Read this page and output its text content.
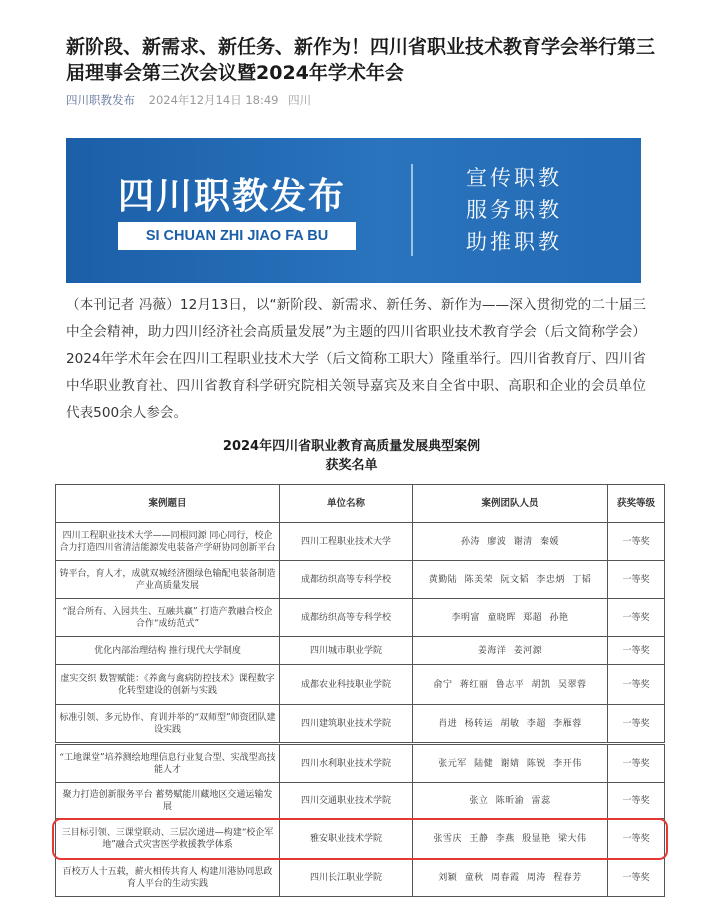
新阶段、新需求、新任务、新作为！四川省职业技术教育学会举行第三届理事会第三次会议暨2024年学术年会
四川职教发布 2024年12月14日 18:49 四川
四川职教发布
SI CHUAN ZHI JIAO FA BU
宣传职教
服务职教
助推职教
（本刊记者 冯薇）12月13日，以“新阶段、新需求、新任务、新作为——深入贯彻党的二十届三中全会精神，助力四川经济社会高质量发展”为主题的四川省职业技术教育学会（后文简称学会）2024年学术年会在四川工程职业技术大学（后文简称工职大）隆重举行。四川省教育厅、四川省中华职业教育社、四川省教育科学研究院相关领导嘉宾及来自全省中职、高职和企业的会员单位代表500余人参会。
2024年四川省职业教育高质量发展典型案例
获奖名单
案例题目	单位名称	案例团队人员	获奖等级
四川工程职业技术大学——同根同源 同心同行，校企合力打造四川省清洁能源发电装备产学研协同创新平台	四川工程职业技术大学	孙涛 廖波 谢清 秦媛	一等奖
铸平台，育人才，成就双城经济圈绿色输配电装备制造产业高质量发展	成都纺织高等专科学校	黄勤陆 陈美荣 阮文韬 李忠炳 丁韬	一等奖
“混合所有、入园共生、互融共赢” 打造产教融合校企合作“成纺范式”	成都纺织高等专科学校	李明富 童晓晖 郑超 孙艳	一等奖
优化内部治理结构 推行现代大学制度	四川城市职业学院	姜海洋 姜河源	一等奖
虚实交织 数智赋能：《养禽与禽病防控技术》课程数字化转型建设的创新与实践	成都农业科技职业学院	俞宁 蒋红丽 鲁志平 胡凯 吴翠蓉	一等奖
标准引领、多元协作、育训并举的“双师型”师资团队建设实践	四川建筑职业技术学院	肖进 杨转运 胡敏 李超 李雁蓉	一等奖
“工地课堂”培养测绘地理信息行业复合型、实战型高技能人才	四川水利职业技术学院	张元军 陆健 谢婧 陈锐 李开伟	一等奖
聚力打造创新服务平台 蓄势赋能川藏地区交通运输发展	四川交通职业技术学院	张立 陈昕渝 雷蕊	一等奖
三目标引领、三课堂联动、三层次递进—构建“校企军地”融合式灾害医学救援教学体系	雅安职业技术学院	张雪庆 王静 李燕 殷显艳 梁大伟	一等奖
百校万人十五载，薪火相传共育人 构建川港协同思政育人平台的生动实践	四川长江职业学院	刘颖 童秋 周春霞 周涛 程春芳	一等奖
